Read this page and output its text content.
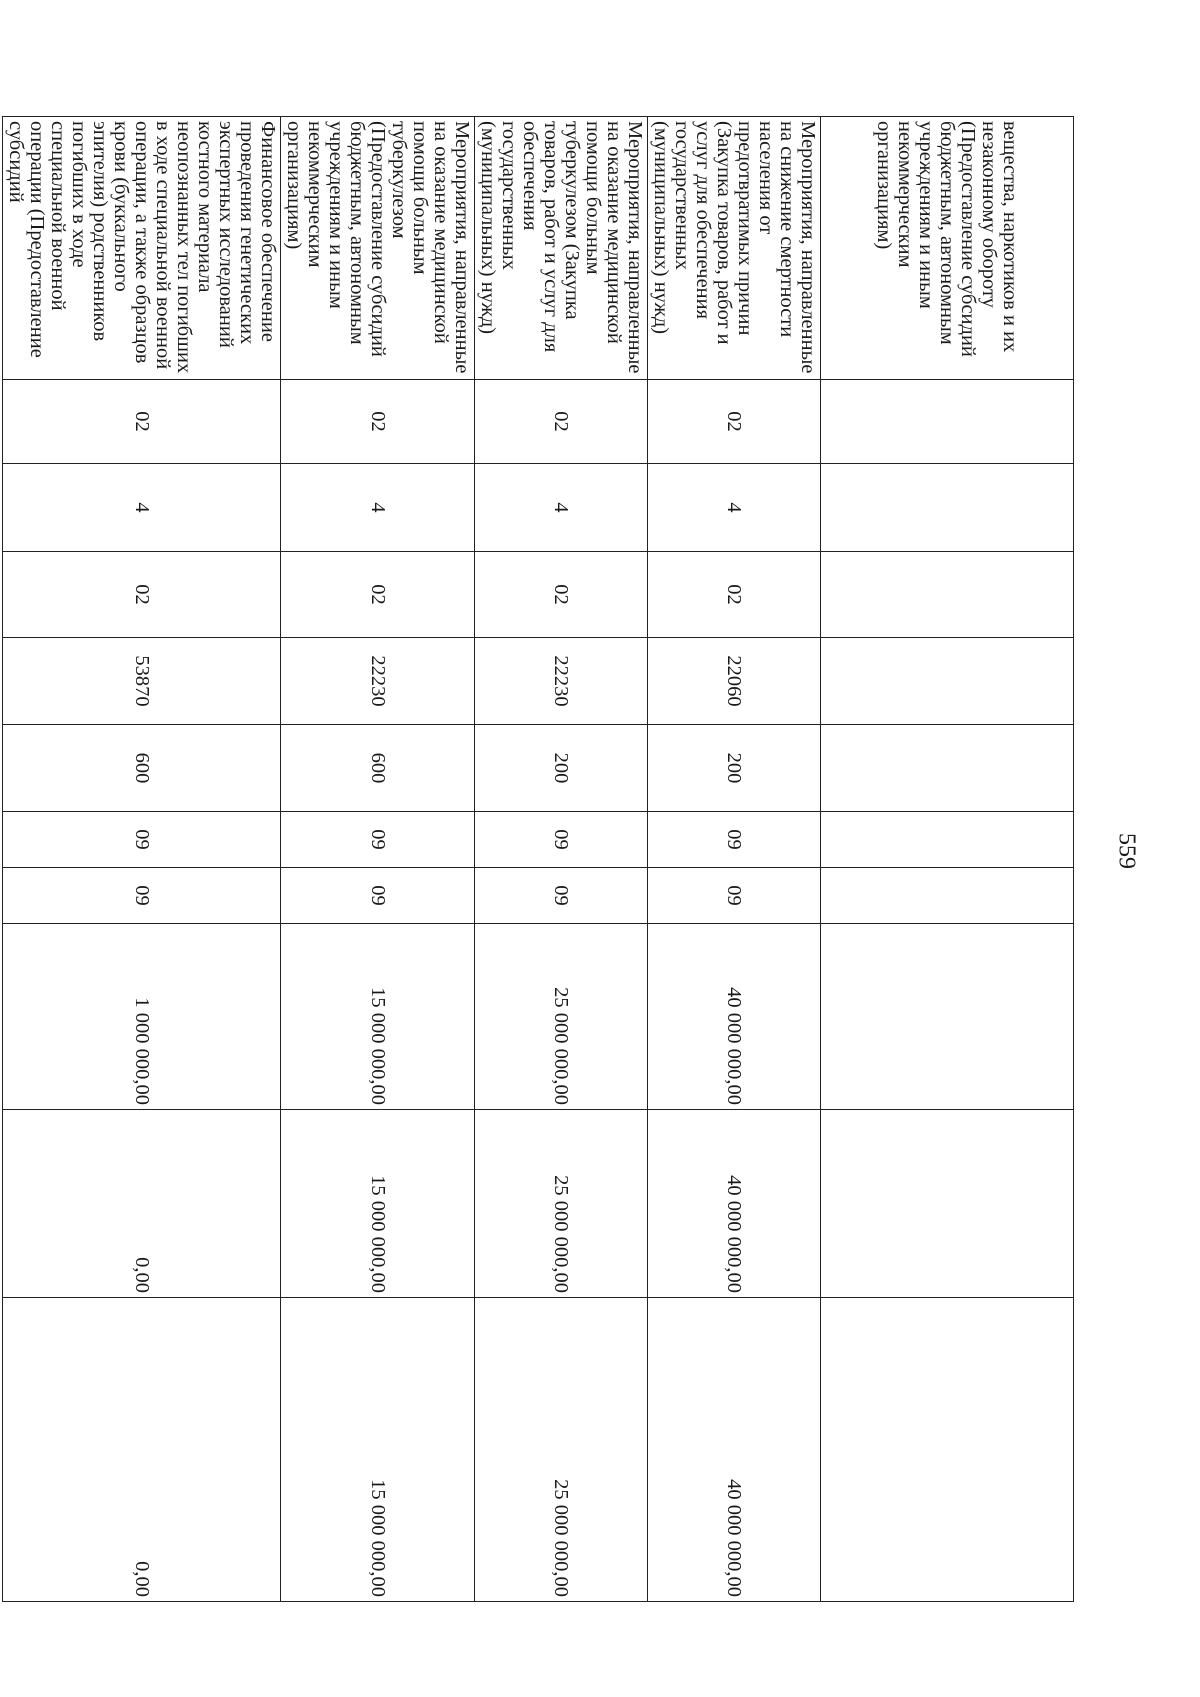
559
вещества, наркотиков и их незаконному обороту (Предоставление субсидий бюджетным, автономным учреждениям и иным некоммерческим организациям)										
Мероприятия, направленные на снижение смертности населения от предотвратимых причин (Закупка товаров, работ и услуг для обеспечения государственных (муниципальных) нужд)	02	4	02	22060	200	09	09	40 000 000,00	40 000 000,00	40 000 000,00
Мероприятия, направленные на оказание медицинской помощи больным туберкулезом (Закупка товаров, работ и услуг для обеспечения государственных (муниципальных) нужд)	02	4	02	22230	200	09	09	25 000 000,00	25 000 000,00	25 000 000,00
Мероприятия, направленные на оказание медицинской помощи больным туберкулезом (Предоставление субсидий бюджетным, автономным учреждениям и иным некоммерческим организациям)	02	4	02	22230	600	09	09	15 000 000,00	15 000 000,00	15 000 000,00
Финансовое обеспечение проведения генетических экспертных исследований костного материала неопознанных тел погибших в ходе специальной военной операции, а также образцов крови (буккального эпителия) родственников погибших в ходе специальной военной операции (Предоставление субсидий	02	4	02	53870	600	09	09	1 000 000,00	0,00	0,00
